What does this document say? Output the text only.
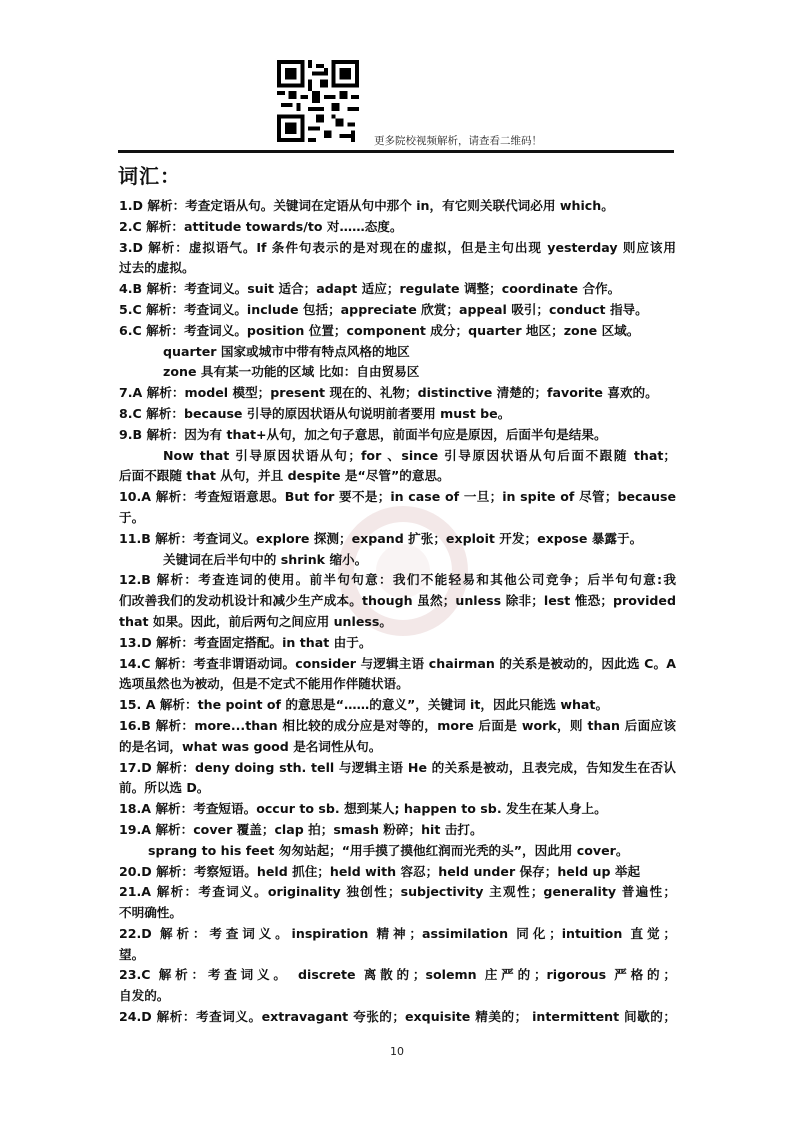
更多院校视频解析，请查看二维码！
词汇：
1.D 解析：考查定语从句。关键词在定语从句中那个 in，有它则关联代词必用 which。
2.C 解析：attitude towards/to 对……态度。
3.D 解析：虚拟语气。If 条件句表示的是对现在的虚拟，但是主句出现 yesterday 则应该用
过去的虚拟。
4.B 解析：考查词义。suit 适合；adapt 适应；regulate 调整；coordinate 合作。
5.C 解析：考查词义。include 包括；appreciate 欣赏；appeal 吸引；conduct 指导。
6.C 解析：考查词义。position 位置；component 成分；quarter 地区；zone 区域。
quarter 国家或城市中带有特点风格的地区
zone 具有某一功能的区域 比如：自由贸易区
7.A 解析：model 模型；present 现在的、礼物；distinctive 清楚的；favorite 喜欢的。
8.C 解析：because 引导的原因状语从句说明前者要用 must be。
9.B 解析：因为有 that+从句，加之句子意思，前面半句应是原因，后面半句是结果。
Now that 引导原因状语从句；for 、since 引导原因状语从句后面不跟随 that；
后面不跟随 that 从句，并且 despite 是“尽管”的意思。
10.A 解析：考查短语意思。But for 要不是；in case of 一旦；in spite of 尽管；because
于。
11.B 解析：考查词义。explore 探测；expand 扩张；exploit 开发；expose 暴露于。
关键词在后半句中的 shrink 缩小。
12.B 解析：考查连词的使用。前半句句意：我们不能轻易和其他公司竞争；后半句句意:我
们改善我们的发动机设计和减少生产成本。though 虽然；unless 除非；lest 惟恐；provided
that 如果。因此，前后两句之间应用 unless。
13.D 解析：考查固定搭配。in that 由于。
14.C 解析：考查非谓语动词。consider 与逻辑主语 chairman 的关系是被动的，因此选 C。A
选项虽然也为被动，但是不定式不能用作伴随状语。
15. A 解析：the point of 的意思是“……的意义”，关键词 it，因此只能选 what。
16.B 解析：more...than 相比较的成分应是对等的，more 后面是 work，则 than 后面应该
的是名词，what was good 是名词性从句。
17.D 解析：deny doing sth. tell 与逻辑主语 He 的关系是被动，且表完成，告知发生在否认
前。所以选 D。
18.A 解析：考查短语。occur to sb. 想到某人; happen to sb. 发生在某人身上。
19.A 解析：cover 覆盖；clap 拍；smash 粉碎；hit 击打。
sprang to his feet 匆匆站起；“用手摸了摸他红润而光秃的头”，因此用 cover。
20.D 解析：考察短语。held 抓住；held with 容忍；held under 保存；held up 举起
21.A 解析：考查词义。originality 独创性；subjectivity 主观性；generality 普遍性；
不明确性。
22.D 解析：考查词义。inspiration 精神；assimilation 同化；intuition 直觉；
望。
23.C 解析：考查词义。 discrete 离散的；solemn 庄严的；rigorous 严格的；
自发的。
24.D 解析：考查词义。extravagant 夸张的；exquisite 精美的； intermittent 间歇的；
10
